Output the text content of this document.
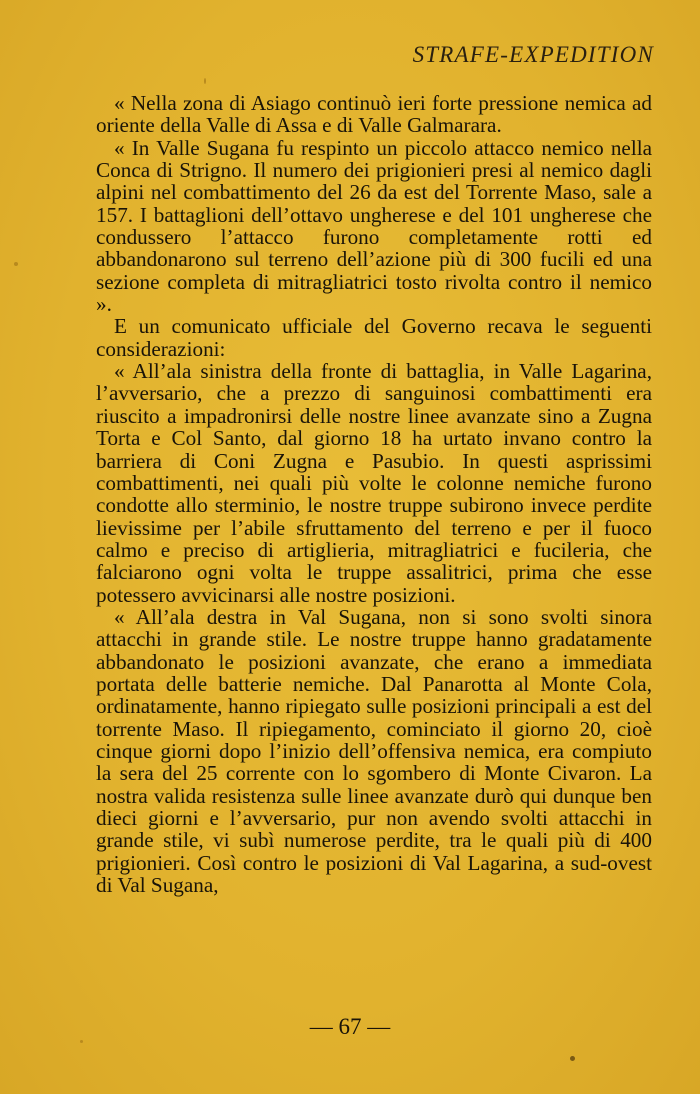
STRAFE-EXPEDITION

« Nella zona di Asiago continuò ieri forte pressione nemica ad oriente della Valle di Assa e di Valle Galmarara.

« In Valle Sugana fu respinto un piccolo attacco nemico nella Conca di Strigno. Il numero dei prigionieri presi al nemico dagli alpini nel combattimento del 26 da est del Torrente Maso, sale a 157. I battaglioni dell’ottavo ungherese e del 101 ungherese che condussero l’attacco furono completamente rotti ed abbandonarono sul terreno dell’azione più di 300 fucili ed una sezione completa di mitragliatrici tosto rivolta contro il nemico ».

E un comunicato ufficiale del Governo recava le seguenti considerazioni:

« All’ala sinistra della fronte di battaglia, in Valle Lagarina, l’avversario, che a prezzo di sanguinosi combattimenti era riuscito a impadronirsi delle nostre linee avanzate sino a Zugna Torta e Col Santo, dal giorno 18 ha urtato invano contro la barriera di Coni Zugna e Pasubio. In questi asprissimi combattimenti, nei quali più volte le colonne nemiche furono condotte allo sterminio, le nostre truppe subirono invece perdite lievissime per l’abile sfruttamento del terreno e per il fuoco calmo e preciso di artiglieria, mitragliatrici e fucileria, che falciarono ogni volta le truppe assalitrici, prima che esse potessero avvicinarsi alle nostre posizioni.

« All’ala destra in Val Sugana, non si sono svolti sinora attacchi in grande stile. Le nostre truppe hanno gradatamente abbandonato le posizioni avanzate, che erano a immediata portata delle batterie nemiche. Dal Panarotta al Monte Cola, ordinatamente, hanno ripiegato sulle posizioni principali a est del torrente Maso. Il ripiegamento, cominciato il giorno 20, cioè cinque giorni dopo l’inizio dell’offensiva nemica, era compiuto la sera del 25 corrente con lo sgombero di Monte Civaron. La nostra valida resistenza sulle linee avanzate durò qui dunque ben dieci giorni e l’avversario, pur non avendo svolti attacchi in grande stile, vi subì numerose perdite, tra le quali più di 400 prigionieri. Così contro le posizioni di Val Lagarina, a sud-ovest di Val Sugana,

— 67 —
